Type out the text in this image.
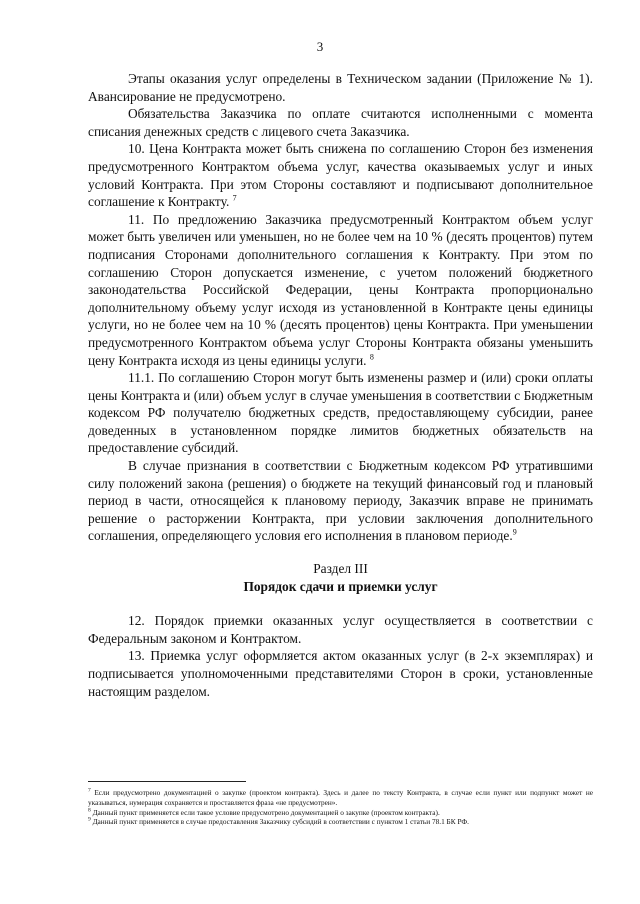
3

Этапы оказания услуг определены в Техническом задании (Приложение № 1). Авансирование не предусмотрено.

Обязательства Заказчика по оплате считаются исполненными с момента списания денежных средств с лицевого счета Заказчика.

10. Цена Контракта может быть снижена по соглашению Сторон без изменения предусмотренного Контрактом объема услуг, качества оказываемых услуг и иных условий Контракта. При этом Стороны составляют и подписывают дополнительное соглашение к Контракту. $^7$

11. По предложению Заказчика предусмотренный Контрактом объем услуг может быть увеличен или уменьшен, но не более чем на 10 % (десять процентов) путем подписания Сторонами дополнительного соглашения к Контракту. При этом по соглашению Сторон допускается изменение, с учетом положений бюджетного законодательства Российской Федерации, цены Контракта пропорционально дополнительному объему услуг исходя из установленной в Контракте цены единицы услуги, но не более чем на 10 % (десять процентов) цены Контракта. При уменьшении предусмотренного Контрактом объема услуг Стороны Контракта обязаны уменьшить цену Контракта исходя из цены единицы услуги. $^8$

11.1. По соглашению Сторон могут быть изменены размер и (или) сроки оплаты цены Контракта и (или) объем услуг в случае уменьшения в соответствии с Бюджетным кодексом РФ получателю бюджетных средств, предоставляющему субсидии, ранее доведенных в установленном порядке лимитов бюджетных обязательств на предоставление субсидий.

В случае признания в соответствии с Бюджетным кодексом РФ утратившими силу положений закона (решения) о бюджете на текущий финансовый год и плановый период в части, относящейся к плановому периоду, Заказчик вправе не принимать решение о расторжении Контракта, при условии заключения дополнительного соглашения, определяющего условия его исполнения в плановом периоде.$^9$

Раздел III

Порядок сдачи и приемки услуг

12. Порядок приемки оказанных услуг осуществляется в соответствии с Федеральным законом и Контрактом.

13. Приемка услуг оформляется актом оказанных услуг (в 2-х экземплярах) и подписывается уполномоченными представителями Сторон в сроки, установленные настоящим разделом.

$^7$ Если предусмотрено документацией о закупке (проектом контракта). Здесь и далее по тексту Контракта, в случае если пункт или подпункт может не указываться, нумерация сохраняется и проставляется фраза «не предусмотрен».

$^8$ Данный пункт применяется если такое условие предусмотрено документацией о закупке (проектом контракта).

$^9$ Данный пункт применяется в случае предоставления Заказчику субсидий в соответствии с пунктом 1 статьи 78.1 БК РФ.
